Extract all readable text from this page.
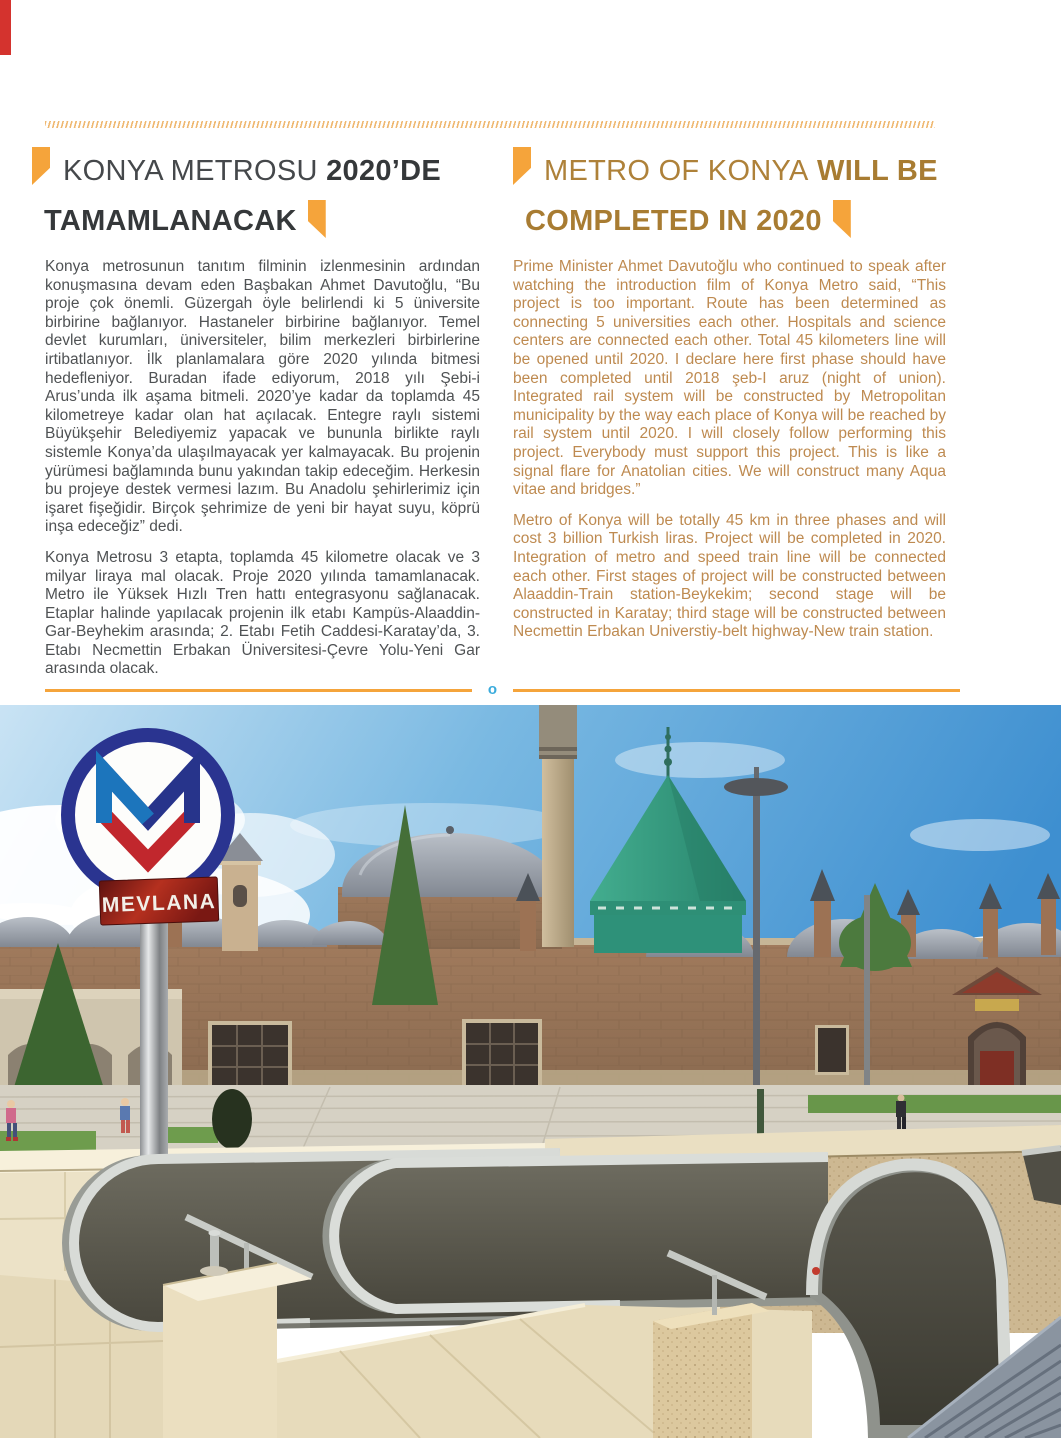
KONYA METROSU 2020’DE
TAMAMLANACAK

Konya metrosunun tanıtım filminin izlenmesinin ardından konuşmasına devam eden Başbakan Ahmet Davutoğlu, “Bu proje çok önemli. Güzergah öyle belirlendi ki 5 üniversite birbirine bağlanıyor. Hastaneler birbirine bağlanıyor. Temel devlet kurumları, üniversiteler, bilim merkezleri birbirlerine irtibatlanıyor. İlk planlamalara göre 2020 yılında bitmesi hedefleniyor. Buradan ifade ediyorum, 2018 yılı Şebi-i Arus’unda ilk aşama bitmeli. 2020’ye kadar da toplamda 45 kilometreye kadar olan hat açılacak. Entegre raylı sistemi Büyükşehir Belediyemiz yapacak ve bununla birlikte raylı sistemle Konya’da ulaşılmayacak yer kalmayacak. Bu projenin yürümesi bağlamında bunu yakından takip edeceğim. Herkesin bu projeye destek vermesi lazım. Bu Anadolu şehirlerimiz için işaret fişeğidir. Birçok şehrimize de yeni bir hayat suyu, köprü inşa edeceğiz” dedi.

Konya Metrosu 3 etapta, toplamda 45 kilometre olacak ve 3 milyar liraya mal olacak. Proje 2020 yılında tamamlanacak. Metro ile Yüksek Hızlı Tren hattı entegrasyonu sağlanacak. Etaplar halinde yapılacak projenin ilk etabı Kampüs-Alaaddin-Gar-Beyhekim arasında; 2. Etabı Fetih Caddesi-Karatay’da, 3. Etabı Necmettin Erbakan Üniversitesi-Çevre Yolu-Yeni Gar arasında olacak.

METRO OF KONYA WILL BE
COMPLETED IN 2020

Prime Minister Ahmet Davutoğlu who continued to speak after watching the introduction film of Konya Metro said, “This project is too important. Route has been determined as connecting 5 universities each other. Hospitals and science centers are connected each other. Total 45 kilometers line will be opened until 2020. I declare here first phase should have been completed until 2018 şeb-I aruz (night of union). Integrated rail system will be constructed by Metropolitan municipality by the way each place of Konya will be reached by rail system until 2020. I will closely follow performing this project. Everybody must support this project. This is like a signal flare for Anatolian cities. We will construct many Aqua vitae and bridges.”

Metro of Konya will be totally 45 km in three phases and will cost 3 billion Turkish liras. Project will be completed in 2020. Integration of metro and speed train line will be connected each other. First stages of project will be constructed between Alaaddin-Train station-Beykekim; second stage will be constructed in Karatay; third stage will be constructed between Necmettin Erbakan Universtiy-belt highway-New train station.

o
MEVLANA
